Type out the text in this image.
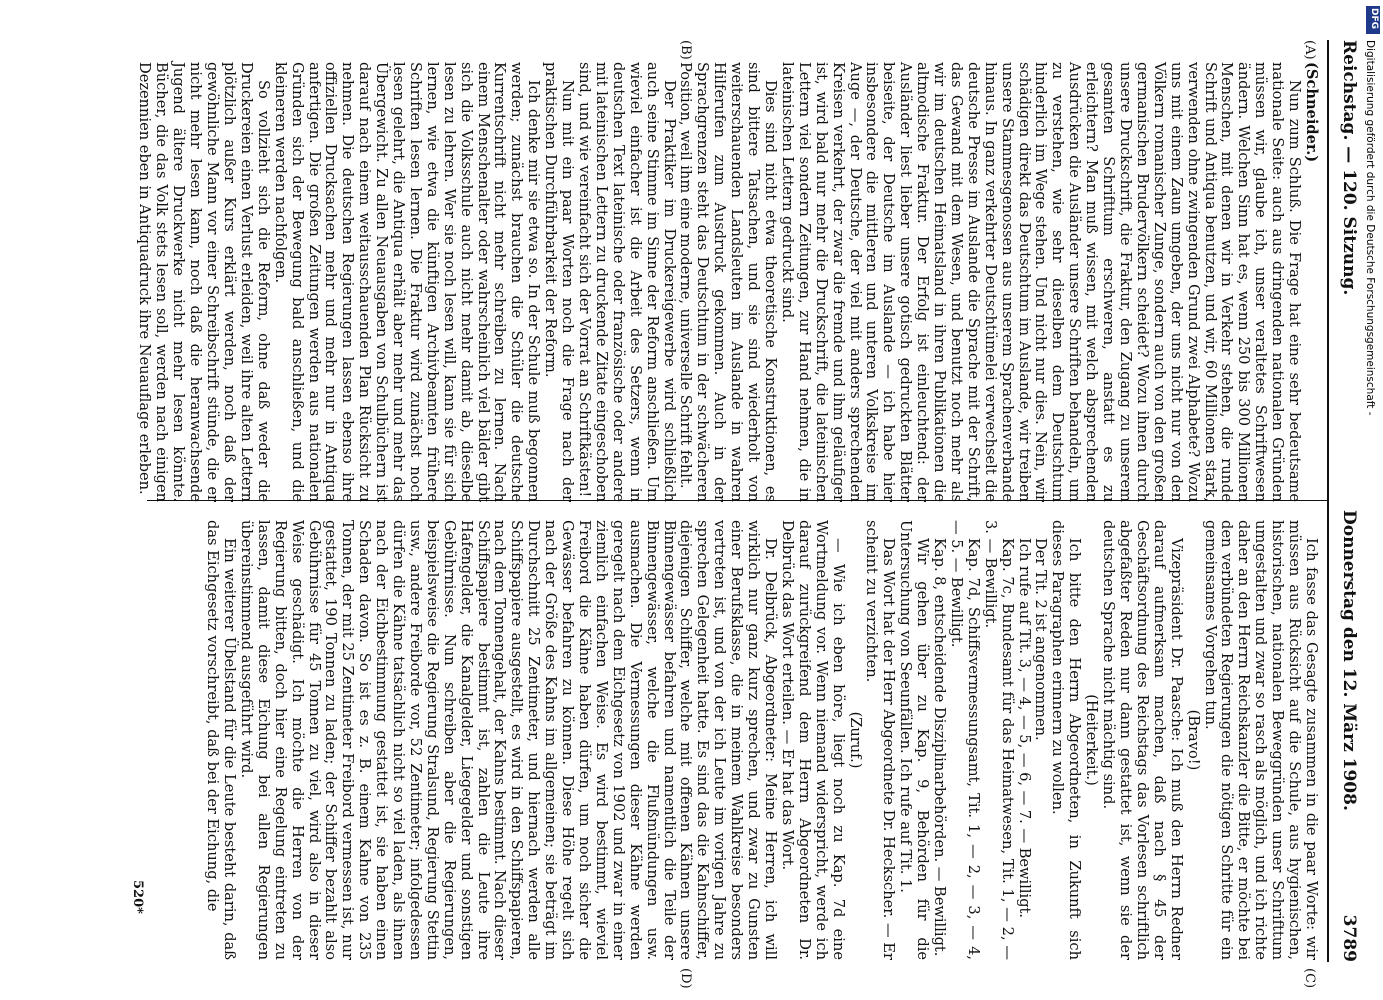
Reichstag. — 120. Sitzung.
Donnerstag den 12. März 1908.
3789
(A)
(B)
(C)
(D)

(Schneider.)

Nun zum Schluß. Die Frage hat eine sehr bedeutsame nationale Seite: auch aus dringenden nationalen Gründen müssen wir, glaube ich, unser veraltetes Schriftwesen ändern. Welchen Sinn hat es, wenn 250 bis 300 Millionen Menschen, mit denen wir in Verkehr stehen, die runde Schrift und Antiqua benutzen, und wir, 60 Millionen stark, verwenden ohne zwingenden Grund zwei Alphabete? Wozu uns mit einem Zaun umgeben, der uns nicht nur von den Völkern romanischer Zunge, sondern auch von den großen germanischen Brudervölkern scheidet? Wozu ihnen durch unsere Druckschrift, die Fraktur, den Zugang zu unserem gesamten Schrifttum erschweren, anstatt es zu erleichtern? Man muß wissen, mit welch absprechenden Ausdrücken die Ausländer unsere Schriften behandeln, um zu verstehen, wie sehr dieselben dem Deutschtum hinderlich im Wege stehen. Und nicht nur dies. Nein, wir schädigen direkt das Deutschtum im Auslande, wir treiben unsere Stammesgenossen aus unserem Sprachenverbande hinaus. In ganz verkehrter Deutschtümelei verwechselt die deutsche Presse im Auslande die Sprache mit der Schrift, das Gewand mit dem Wesen, und benutzt noch mehr als wir im deutschen Heimatsland in ihren Publikationen die altmodische Fraktur. Der Erfolg ist einleuchtend: der Ausländer liest lieber unsere gotisch gedruckten Blätter beiseite, der Deutsche im Auslande — ich habe hier insbesondere die mittleren und unteren Volkskreise im Auge —, der Deutsche, der viel mit anders sprechenden Kreisen verkehrt, der zwar die fremde und ihm geläufiger ist, wird bald nur mehr die Druckschrift, die lateinischen Lettern viel sondern Zeitungen, zur Hand nehmen, die in lateinischen Lettern gedruckt sind.

Dies sind nicht etwa theoretische Konstruktionen, es sind bittere Tatsachen, und sie sind wiederholt von weiterschauenden Landsleuten im Auslande in wahren Hilferufen zum Ausdruck gekommen. Auch in der Sprachgrenzen steht das Deutschtum in der schwächeren Position, weil ihm eine moderne, universelle Schrift fehlt.

Der Praktiker im Druckereigewerbe wird schließlich auch seine Stimme im Sinne der Reform anschließen. Um wieviel einfacher ist die Arbeit des Setzers, wenn in deutschen Text lateinische oder französische oder andere mit lateinischen Lettern zu druckende Zitate eingeschoben sind, und wie vereinfacht sich der Vorrat an Schriftkästen!

Nun mit ein paar Worten noch die Frage nach der praktischen Durchführbarkeit der Reform.

Ich denke mir sie etwa so. In der Schule muß begonnen werden; zunächst brauchen die Schüler die deutsche Kurrentschrift nicht mehr schreiben zu lernen. Nach einem Menschenalter oder wahrscheinlich viel bälder gibt sich die Volksschule auch nicht mehr damit ab, dieselbe lesen zu lehren. Wer sie noch lesen will, kann sie für sich lernen, wie etwa die künftigen Archivbeamten frühere Schriften lesen lernen. Die Fraktur wird zunächst noch lesen gelehrt, die Antiqua erhält aber mehr und mehr das Übergewicht. Zu allen Neuausgaben von Schulbüchern ist darauf nach einem weitausschauenden Plan Rücksicht zu nehmen. Die deutschen Regierungen lassen ebenso ihre offiziellen Drucksachen mehr und mehr nur in Antiqua anfertigen. Die großen Zeitungen werden aus nationalen Gründen sich der Bewegung bald anschließen, und die kleineren werden nachfolgen.

So vollzieht sich die Reform, ohne daß weder die Druckereien einen Verlust erleiden, weil ihre alten Lettern plötzlich außer Kurs erklärt werden, noch daß der gewöhnliche Mann vor einer Schreibschrift stünde, die er nicht mehr lesen kann, noch daß die heranwachsende Jugend ältere Druckwerke nicht mehr lesen könnte. Bücher, die das Volk stets lesen soll, werden nach einigen Dezennien eben in Antiquadruck ihre Neuauflage erleben.

Ich fasse das Gesagte zusammen in die paar Worte: wir müssen aus Rücksicht auf die Schule, aus hygienischen, historischen, nationalen Beweggründen unser Schrifttum umgestalten und zwar so rasch als möglich, und ich richte daher an den Herrn Reichskanzler die Bitte, er möchte bei den verbündeten Regierungen die nötigen Schritte für ein gemeinsames Vorgehen tun.

(Bravo!)

Vizepräsident Dr. Paasche: Ich muß den Herrn Redner darauf aufmerksam machen, daß nach § 45 der Geschäftsordnung des Reichstags das Vorlesen schriftlich abgefaßter Reden nur dann gestattet ist, wenn sie der deutschen Sprache nicht mächtig sind.

(Heiterkeit.)

Ich bitte den Herrn Abgeordneten, in Zukunft sich dieses Paragraphen erinnern zu wollen.

Der Tit. 2 ist angenommen.

Ich rufe auf Tit. 3, — 4, — 5, — 6, — 7. — Bewilligt.

Kap. 7c, Bundesamt für das Heimatwesen, Tit. 1, — 2, — 3. — Bewilligt.

Kap. 7d, Schiffsvermessungsamt, Tit. 1, — 2, — 3, — 4, — 5. — Bewilligt.

Kap. 8, entscheidende Disziplinarbehörden. — Bewilligt.

Wir gehen über zu Kap. 9, Behörden für die Untersuchung von Seeunfällen. Ich rufe auf Tit. 1.

Das Wort hat der Herr Abgeordnete Dr. Heckscher. — Er scheint zu verzichten.

(Zuruf.)

— Wie ich eben höre, liegt noch zu Kap. 7d eine Wortmeldung vor. Wenn niemand widerspricht, werde ich darauf zurückgreifend dem Herrn Abgeordneten Dr. Delbrück das Wort erteilen. — Er hat das Wort.

Dr. Delbrück, Abgeordneter: Meine Herren, ich will wirklich nur ganz kurz sprechen, und zwar zu Gunsten einer Berufsklasse, die in meinem Wahlkreise besonders vertreten ist, und von der ich Leute im vorigen Jahre zu sprechen Gelegenheit hatte. Es sind das die Kahnschiffer, diejenigen Schiffer, welche mit offenen Kähnen unsere Binnengewässer befahren und namentlich die Teile der Binnengewässer, welche die Flußmündungen usw. ausmachen. Die Vermessungen dieser Kähne werden geregelt nach dem Eichgesetz von 1902 und zwar in einer ziemlich einfachen Weise. Es wird bestimmt, wieviel Freibord die Kähne haben dürfen, um noch sicher die Gewässer befahren zu können. Diese Höhe regelt sich nach der Größe des Kahns im allgemeinen; sie beträgt im Durchschnitt 25 Zentimeter, und hiernach werden alle Schiffspapiere ausgestellt, es wird in den Schiffspapieren, nach dem Tonnengehalt, der Kahns bestimmt. Nach dieser Schiffspapiere bestimmt ist, zahlen die Leute ihre Hafengelder, die Kanalgelder, Liegegelder und sonstigen Gebührnisse. Nun schreiben aber die Regierungen, beispielsweise die Regierung Stralsund, Regierung Stettin usw., andere Freiborde vor, 52 Zentimeter; infolgedessen dürfen die Kähne tatsächlich nicht so viel laden, als ihnen nach der Eichbestimmung gestattet ist, sie haben einen Schaden davon. So ist es z. B. einem Kahne von 235 Tonnen, der mit 25 Zentimeter Freibord vermessen ist, nur gestattet, 190 Tonnen zu laden; der Schiffer bezahlt also Gebührnisse für 45 Tonnen zu viel, wird also in dieser Weise geschädigt. Ich möchte die Herren von der Regierung bitten, doch hier eine Regelung eintreten zu lassen, damit diese Eichung bei allen Regierungen übereinstimmend ausgeführt wird.

Ein weiterer Übelstand für die Leute besteht darin, daß das Eichgesetz vorschreibt, daß bei der Eichung, die

520*
DFG
Digitalisierung gefördert durch die Deutsche Forschungsgemeinschaft -
